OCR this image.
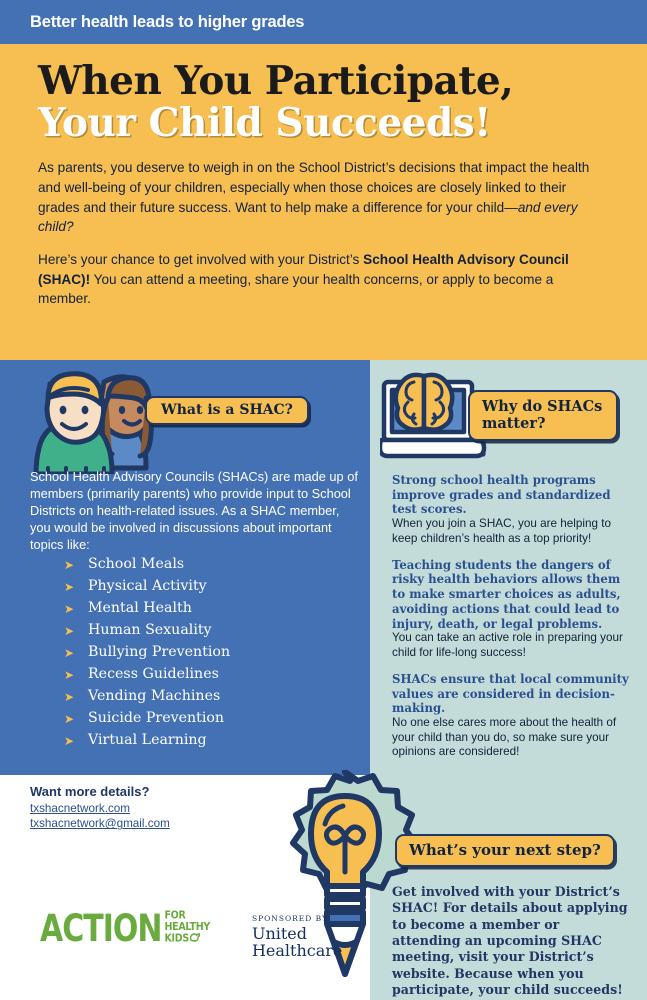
Better health leads to higher grades
When You Participate,
Your Child Succeeds!

As parents, you deserve to weigh in on the School District’s decisions that impact the health and well-being of your children, especially when those choices are closely linked to their grades and their future success. Want to help make a difference for your child—and every child?

Here’s your chance to get involved with your District’s School Health Advisory Council (SHAC)! You can attend a meeting, share your health concerns, or apply to become a member.

What is a SHAC?	Why do SHACs matter?
What’s your next step?
School Health Advisory Councils (SHACs) are made up of members (primarily parents) who provide input to School Districts on health-related issues. As a SHAC member, you would be involved in discussions about important topics like:
➤ School Meals
➤ Physical Activity
➤ Mental Health
➤ Human Sexuality
➤ Bullying Prevention
➤ Recess Guidelines
➤ Vending Machines
➤ Suicide Prevention
➤ Virtual Learning
Want more details?
txshacnetwork.com
txshacnetwork@gmail.com
Strong school health programs improve grades and standardized test scores.
When you join a SHAC, you are helping to keep children’s health as a top priority!
Teaching students the dangers of risky health behaviors allows them to make smarter choices as adults, avoiding actions that could lead to injury, death, or legal problems.
You can take an active role in preparing your child for life-long success!
SHACs ensure that local community values are considered in decision-making.
No one else cares more about the health of your child than you do, so make sure your opinions are considered!
Get involved with your District’s SHAC! For details about applying to become a member or attending an upcoming SHAC meeting, visit your District’s website. Because when you participate, your child succeeds!
ACTION FOR
HEALTHY
KIDS
SPONSORED BY
United
Healthcare
